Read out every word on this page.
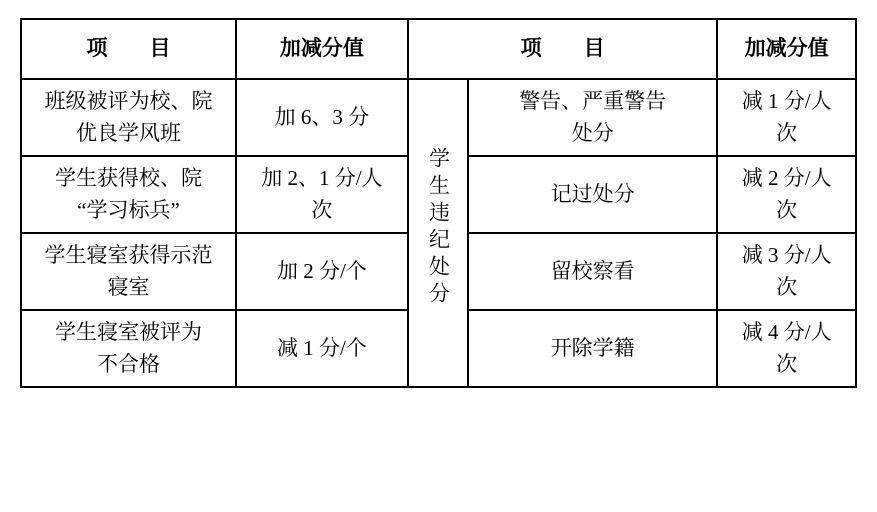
项　　目	加减分值	项　　目		加减分值

班级被评为校、院
优良学风班	加 6、3 分	学生违纪处分	警告、严重警告
处分	减 1 分/人
次

学生获得校、院
“学习标兵”	加 2、1 分/人
次		记过处分	减 2 分/人
次

学生寝室获得示范
寝室	加 2 分/个		留校察看	减 3 分/人
次

学生寝室被评为
不合格	减 1 分/个		开除学籍	减 4 分/人
次
